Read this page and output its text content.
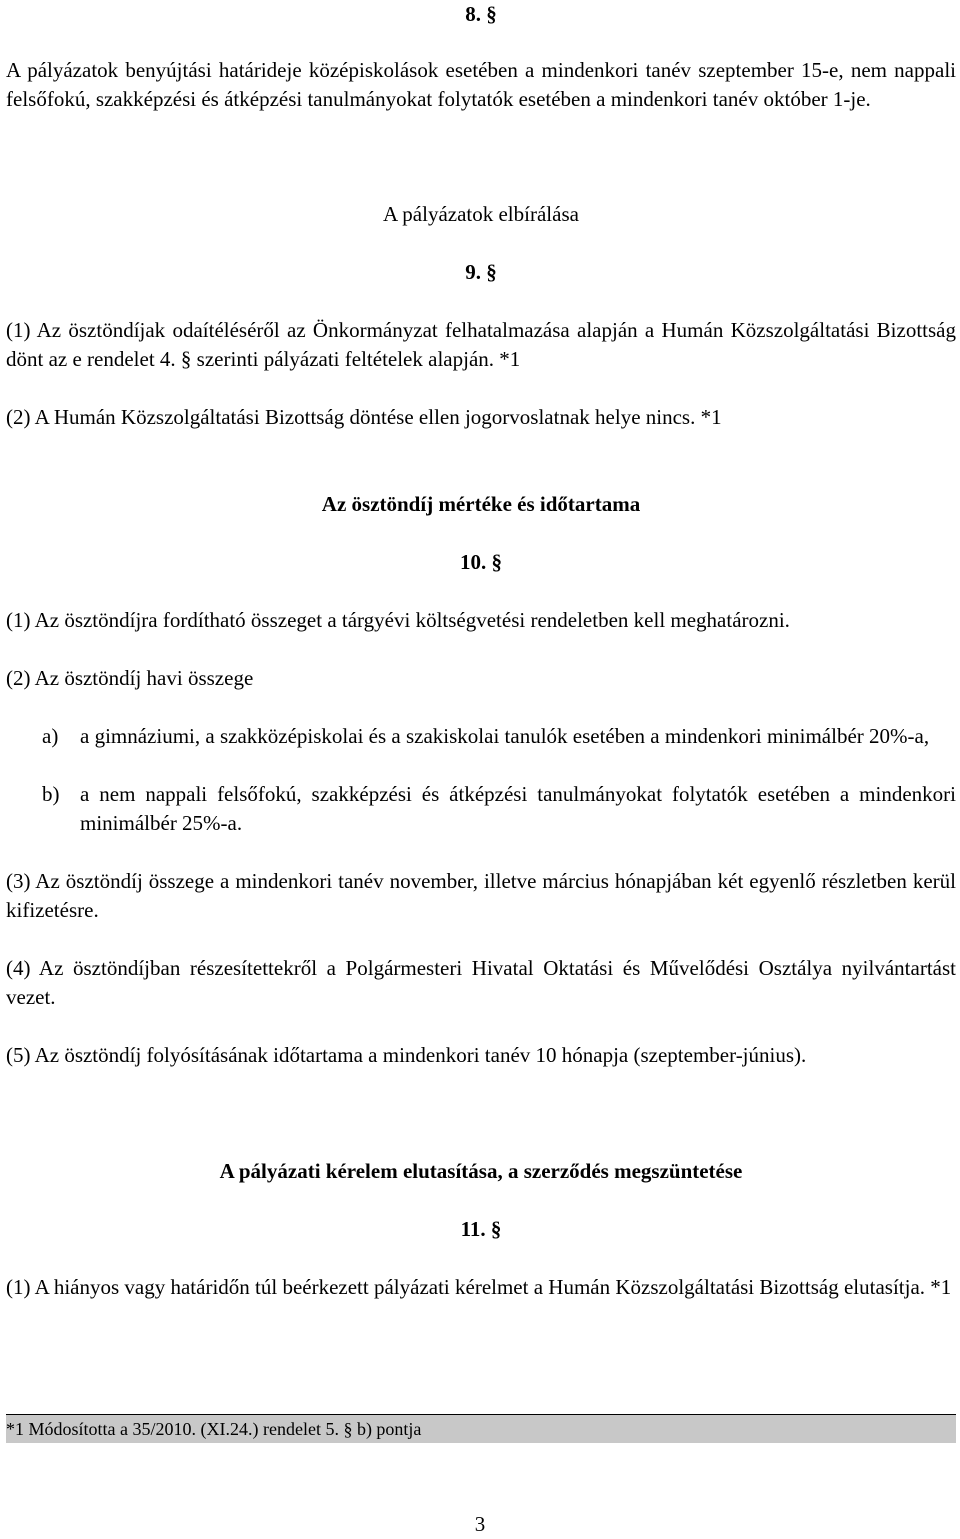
8. §

A pályázatok benyújtási határideje középiskolások esetében a mindenkori tanév szeptember 15-e, nem nappali felsőfokú, szakképzési és átképzési tanulmányokat folytatók esetében a mindenkori tanév október 1-je.

A pályázatok elbírálása
9. §

(1) Az ösztöndíjak odaítéléséről az Önkormányzat felhatalmazása alapján a Humán Közszolgáltatási Bizottság dönt az e rendelet 4. § szerinti pályázati feltételek alapján. *1

(2) A Humán Közszolgáltatási Bizottság döntése ellen jogorvoslatnak helye nincs. *1

Az ösztöndíj mértéke és időtartama
10. §

(1) Az ösztöndíjra fordítható összeget a tárgyévi költségvetési rendeletben kell meghatározni.

(2) Az ösztöndíj havi összege

a) a gimnáziumi, a szakközépiskolai és a szakiskolai tanulók esetében a mindenkori minimálbér 20%-a,
b) a nem nappali felsőfokú, szakképzési és átképzési tanulmányokat folytatók esetében a mindenkori minimálbér 25%-a.

(3) Az ösztöndíj összege a mindenkori tanév november, illetve március hónapjában két egyenlő részletben kerül kifizetésre.

(4) Az ösztöndíjban részesítettekről a Polgármesteri Hivatal Oktatási és Művelődési Osztálya nyilvántartást vezet.

(5) Az ösztöndíj folyósításának időtartama a mindenkori tanév 10 hónapja (szeptember-június).

A pályázati kérelem elutasítása, a szerződés megszüntetése
11. §

(1) A hiányos vagy határidőn túl beérkezett pályázati kérelmet a Humán Közszolgáltatási Bizottság elutasítja. *1

*1 Módosította a 35/2010. (XI.24.) rendelet 5. § b) pontja
3
